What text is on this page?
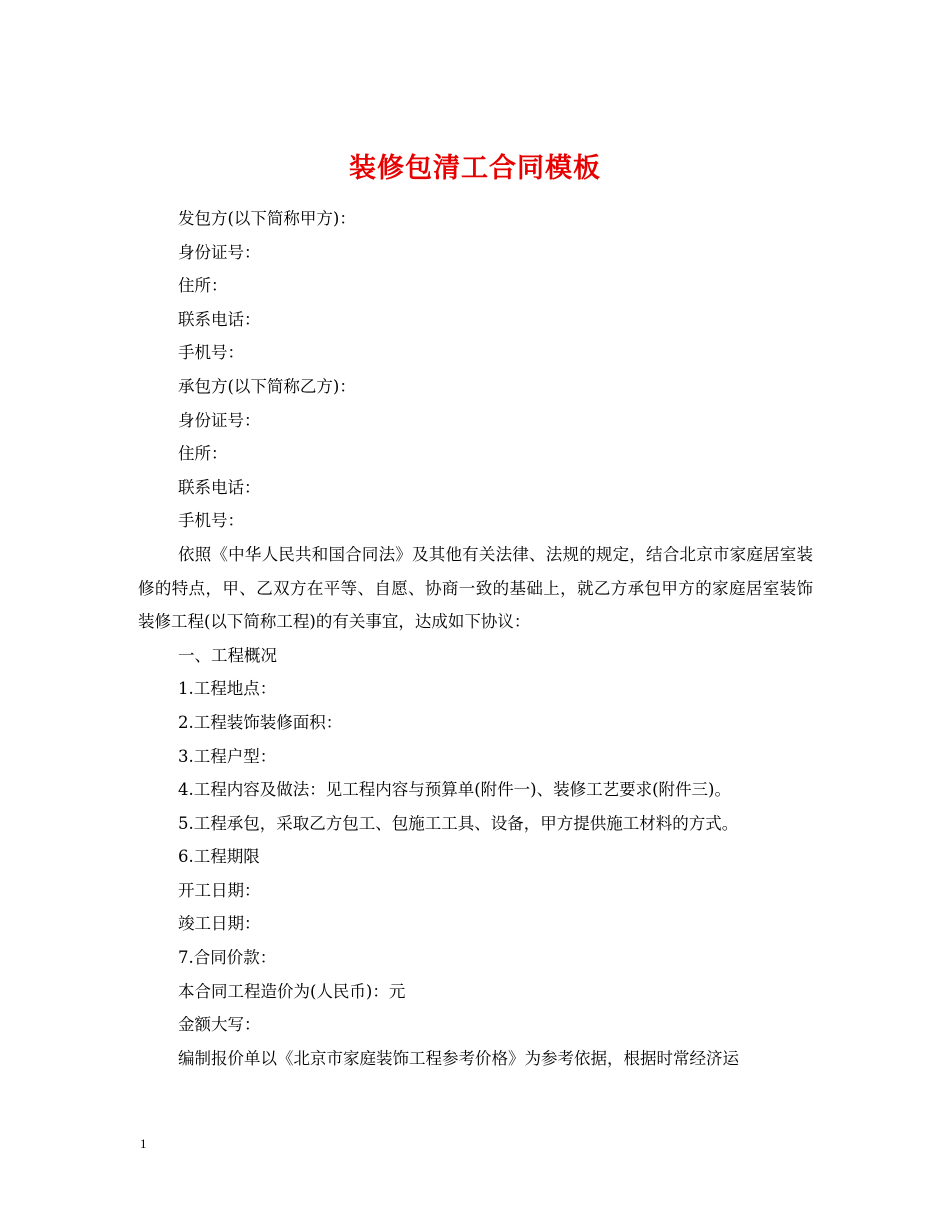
装修包清工合同模板

发包方(以下简称甲方)：

身份证号：

住所：

联系电话：

手机号：

承包方(以下简称乙方)：

身份证号：

住所：

联系电话：

手机号：

依照《中华人民共和国合同法》及其他有关法律、法规的规定，结合北京市家庭居室装修的特点，甲、乙双方在平等、自愿、协商一致的基础上，就乙方承包甲方的家庭居室装饰装修工程(以下简称工程)的有关事宜，达成如下协议：

一、工程概况

1.工程地点：

2.工程装饰装修面积：

3.工程户型：

4.工程内容及做法：见工程内容与预算单(附件一)、装修工艺要求(附件三)。

5.工程承包，采取乙方包工、包施工工具、设备，甲方提供施工材料的方式。

6.工程期限

开工日期：

竣工日期：

7.合同价款：

本合同工程造价为(人民币)：元

金额大写：

编制报价单以《北京市家庭装饰工程参考价格》为参考依据，根据时常经济运

1
